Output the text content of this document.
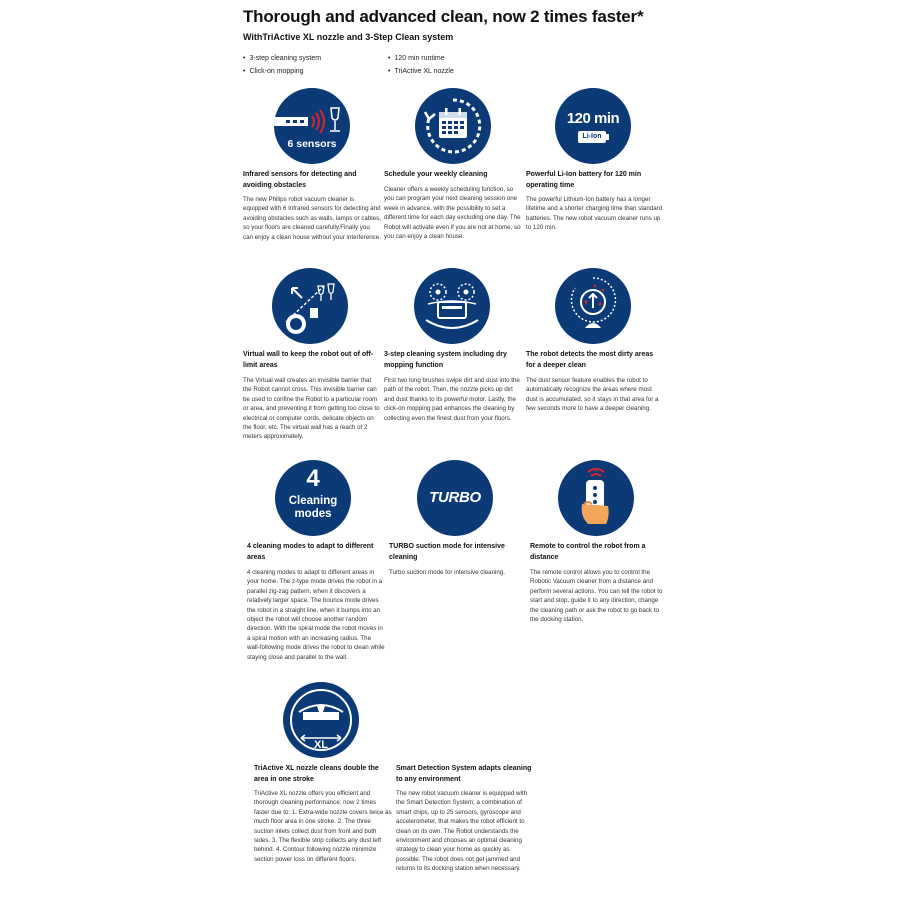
Thorough and advanced clean, now 2 times faster*
WithTriActive XL nozzle and 3-Step Clean system
• 3-step cleaning system	• 120 min runtime
• Click-on mopping	• TriActive XL nozzle
6 sensors
Infrared sensors for detecting and avoiding obstacles
The new Philips robot vacuum cleaner is equipped with 6 Infrared sensors for detecting and avoiding obstacles such as walls, lamps or cables, so your floors are cleaned carefully.Finally you can enjoy a clean house without your interference.
Schedule your weekly cleaning
Cleaner offers a weekly scheduling function, so you can program your next cleaning session one week in advance, with the possibility to set a different time for each day excluding one day. The Robot will activate even if you are not at home, so you can enjoy a clean house.
120 min
Li-Ion
Powerful Li-Ion battery for 120 min operating time
The powerful Lithium-Ion battery has a longer lifetime and a shorter charging time than standard batteries. The new robot vacuum cleaner runs up to 120 min.
Virtual wall to keep the robot out of off- limit areas
The Virtual wall creates an invisible barrier that the Robot cannot cross. This invisible barrier can be used to confine the Robot to a particular room or area, and preventing it from getting too close to electrical or computer cords, delicate objects on the floor, etc. The virtual wall has a reach of 2 meters approximately.
3-step cleaning system including dry mopping function
First two long brushes swipe dirt and dust into the path of the robot. Then, the nozzle picks up dirt and dust thanks to its powerful motor. Lastly, the click-on mopping pad enhances the cleaning by collecting even the finest dust from your floors.
The robot detects the most dirty areas for a deeper clean
The dust sensor feature enables the robot to automatically recognize the areas where most dust is accumulated, so it stays in that area for a few seconds more to have a deeper cleaning.
4
Cleaning modes
4 cleaning modes to adapt to different areas
4 cleaning modes to adapt to different areas in your home. The z-type mode drives the robot in a parallel zig-zag pattern, when it discovers a relatively larger space. The bounce mode drives the robot in a straight line, when it bumps into an object the robot will choose another random direction. With the spiral mode the robot moves in a spiral motion with an increasing radius. The wall-following mode drives the robot to clean while staying close and parallel to the wall.
TURBO
TURBO suction mode for intensive cleaning
Turbo suction mode for intensive cleaning.
Remote to control the robot from a distance
The remote control allows you to control the Robotic Vacuum cleaner from a distance and perform several actions. You can tell the robot to start and stop, guide it to any direction, change the cleaning path or ask the robot to go back to the docking station.
XL
TriActive XL nozzle cleans double the area in one stroke
TriActive XL nozzle offers you efficient and thorough cleaning performance; now 2 times faster due to: 1. Extra-wide nozzle covers twice as much floor area in one stroke. 2. The three suction inlets collect dust from front and both sides. 3. The flexible strip collects any dust left behind. 4. Contour following nozzle minimize section power loss on different floors.
Smart Detection System adapts cleaning to any environment
The new robot vacuum cleaner is equipped with the Smart Detection System; a combination of smart chips, up to 25 sensors, gyroscope and accelerometer, that makes the robot efficient to clean on its own. The Robot understands the environment and chooses an optimal cleaning strategy to clean your home as quickly as possible. The robot does not get jammed and returns to its docking station when necessary.
